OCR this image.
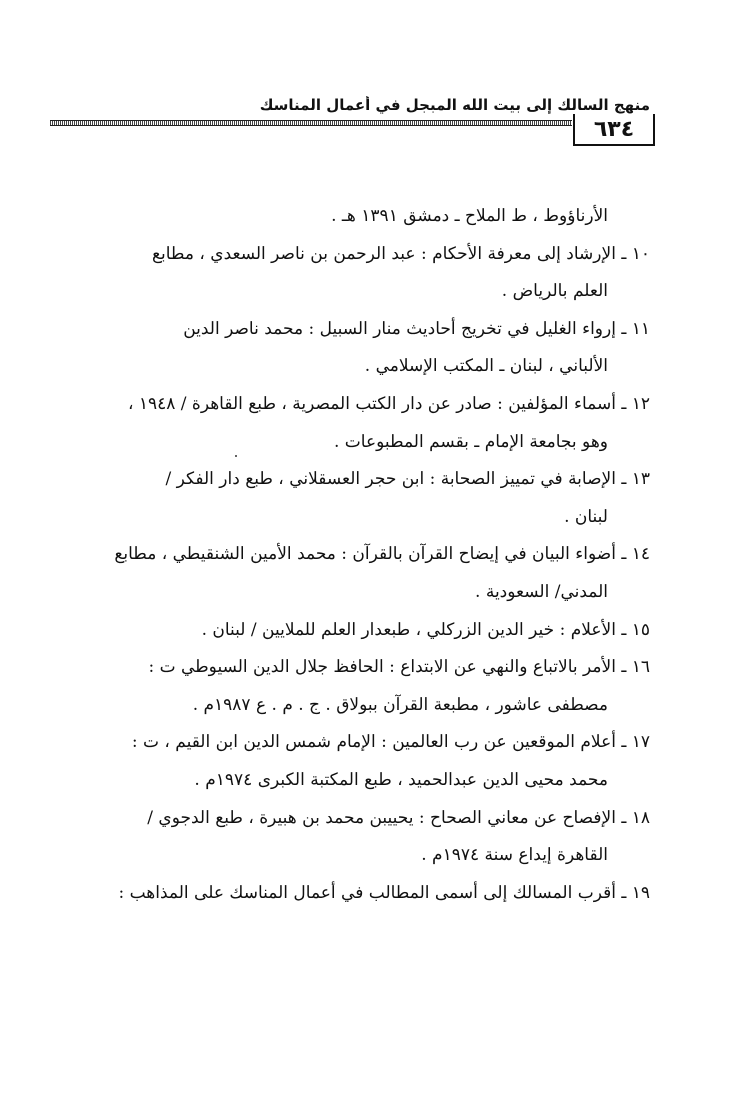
منهج السالك إلى بيت الله المبجل في أعمال المناسك
٦٣٤
الأرناؤوط ، ط الملاح ـ دمشق ١٣٩١ هـ .
١٠ ـ الإرشاد إلى معرفة الأحكام : عبد الرحمن بن ناصر السعدي ، مطابع
العلم بالرياض .
١١ ـ إرواء الغليل في تخريج أحاديث منار السبيل : محمد ناصر الدين
الألباني ، لبنان ـ المكتب الإسلامي .
١٢ ـ أسماء المؤلفين : صادر عن دار الكتب المصرية ، طبع القاهرة / ١٩٤٨ ،
وهو بجامعة الإمام ـ بقسم المطبوعات .
١٣ ـ الإصابة في تمييز الصحابة : ابن حجر العسقلاني ، طبع دار الفكر /
لبنان .
١٤ ـ أضواء البيان في إيضاح القرآن بالقرآن : محمد الأمين الشنقيطي ، مطابع
المدني/ السعودية .
١٥ ـ الأعلام : خير الدين الزركلي ، طبعدار العلم للملايين / لبنان .
١٦ ـ الأمر بالاتباع والنهي عن الابتداع : الحافظ جلال الدين السيوطي ت :
مصطفى عاشور ، مطبعة القرآن ببولاق . ج . م . ع ١٩٨٧م .
١٧ ـ أعلام الموقعين عن رب العالمين : الإمام شمس الدين ابن القيم ، ت :
محمد محيى الدين عبدالحميد ، طبع المكتبة الكبرى ١٩٧٤م .
١٨ ـ الإفصاح عن معاني الصحاح : يحييبن محمد بن هبيرة ، طبع الدجوي /
القاهرة إيداع سنة ١٩٧٤م .
١٩ ـ أقرب المسالك إلى أسمى المطالب في أعمال المناسك على المذاهب :
